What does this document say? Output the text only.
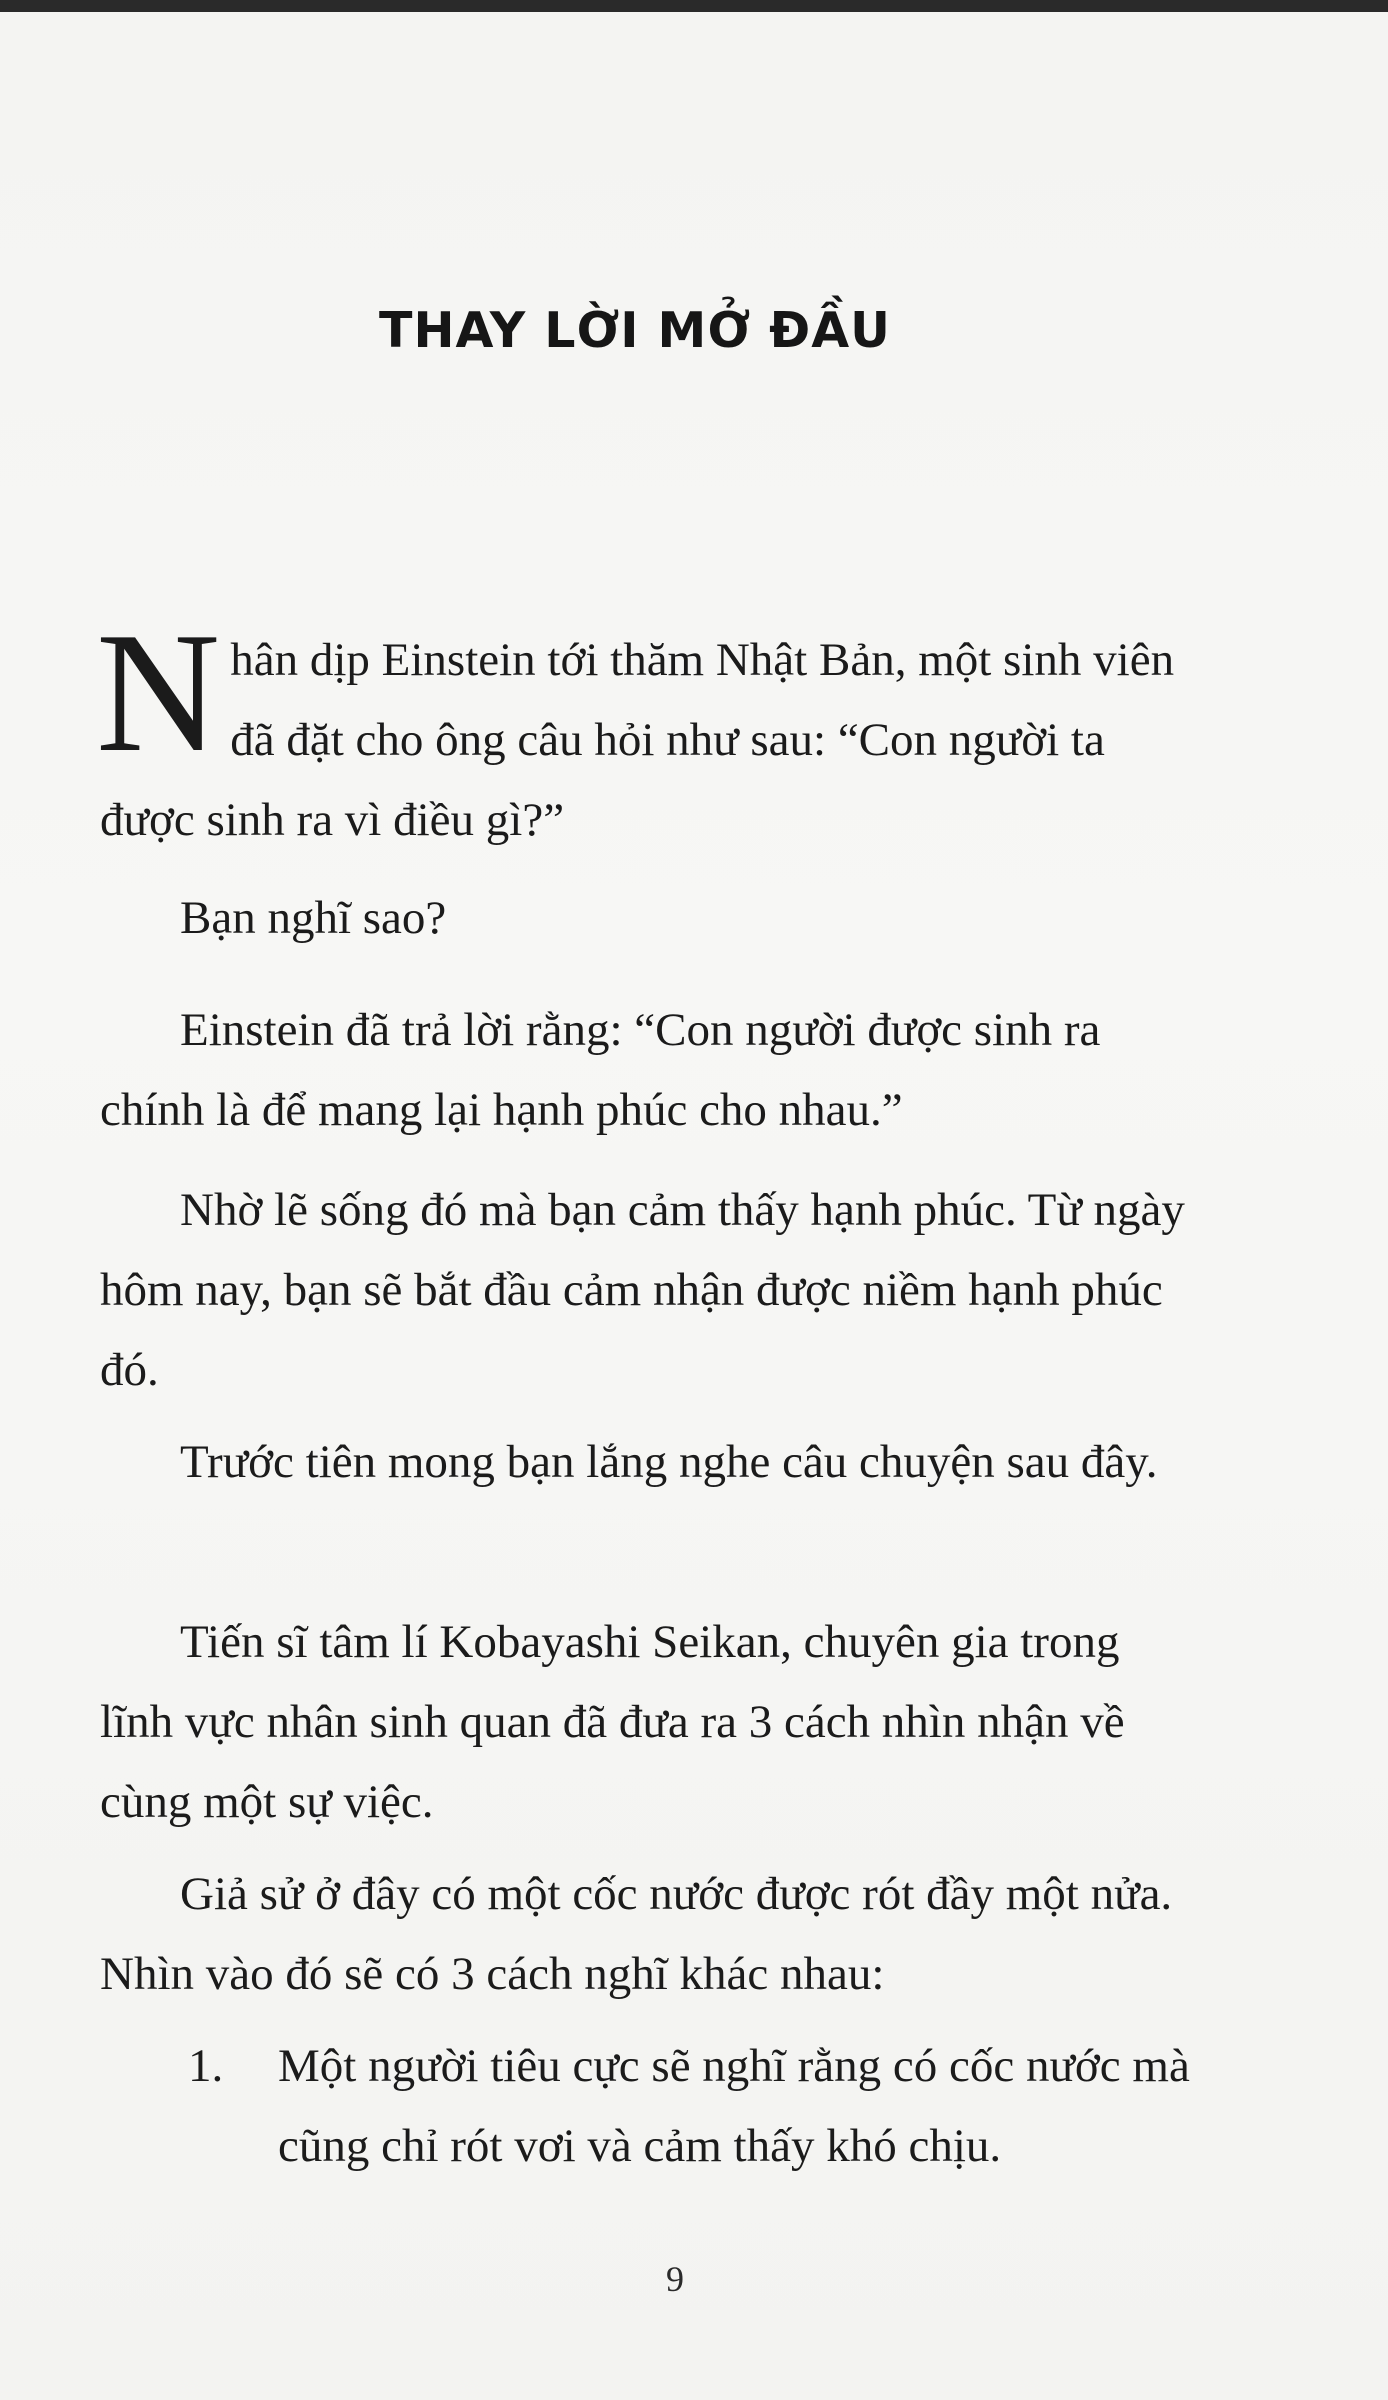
THAY LỜI MỞ ĐẦU

Nhân dịp Einstein tới thăm Nhật Bản, một sinh viên đã đặt cho ông câu hỏi như sau: “Con người ta được sinh ra vì điều gì?”

Bạn nghĩ sao?

Einstein đã trả lời rằng: “Con người được sinh ra chính là để mang lại hạnh phúc cho nhau.”

Nhờ lẽ sống đó mà bạn cảm thấy hạnh phúc. Từ ngày hôm nay, bạn sẽ bắt đầu cảm nhận được niềm hạnh phúc đó.

Trước tiên mong bạn lắng nghe câu chuyện sau đây.

Tiến sĩ tâm lí Kobayashi Seikan, chuyên gia trong lĩnh vực nhân sinh quan đã đưa ra 3 cách nhìn nhận về cùng một sự việc.

Giả sử ở đây có một cốc nước được rót đầy một nửa. Nhìn vào đó sẽ có 3 cách nghĩ khác nhau:

1. Một người tiêu cực sẽ nghĩ rằng có cốc nước mà cũng chỉ rót vơi và cảm thấy khó chịu.
9
